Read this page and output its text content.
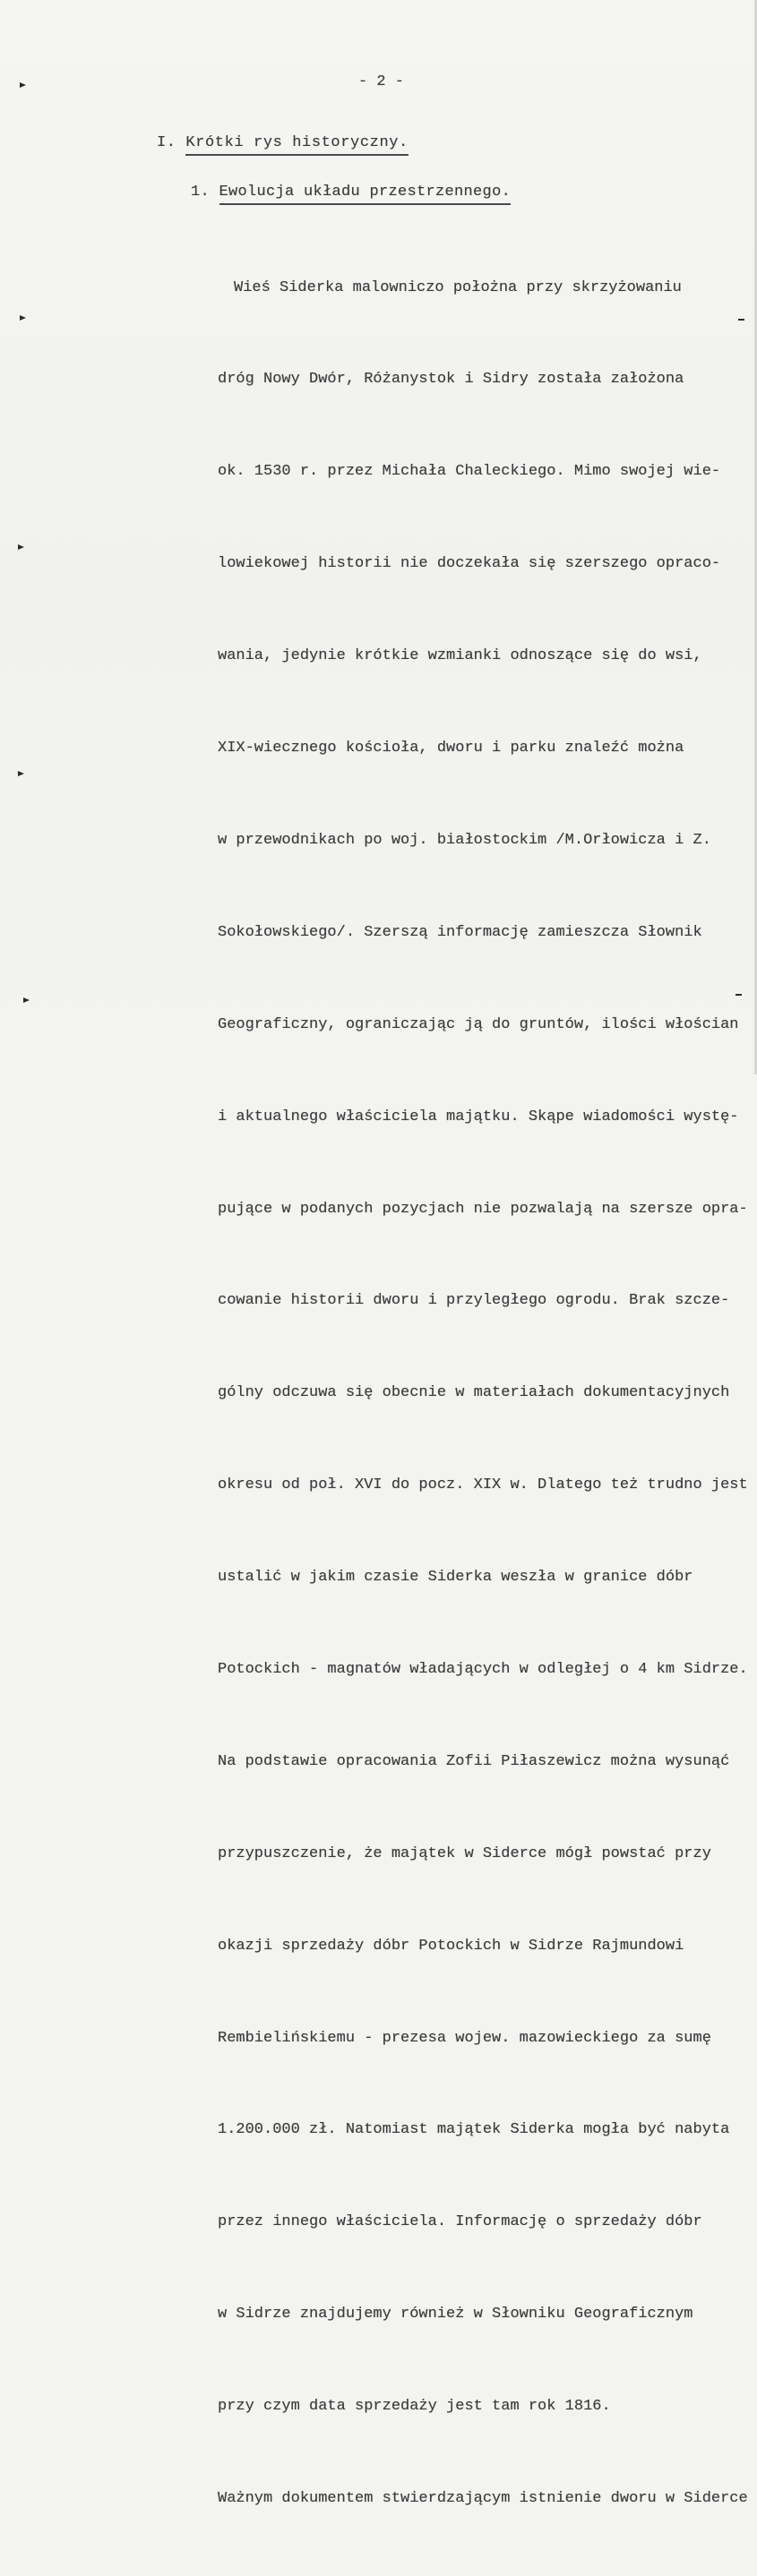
- 2 -
I. Krótki rys historyczny.
1. Ewolucja układu przestrzennego.

Wieś Siderka malowniczo położna przy skrzyżowaniu

dróg Nowy Dwór, Różanystok i Sidry została założona

ok. 1530 r. przez Michała Chaleckiego. Mimo swojej wie-

lowiekowej historii nie doczekała się szerszego opraco-

wania, jedynie krótkie wzmianki odnoszące się do wsi,

XIX-wiecznego kościoła, dworu i parku znaleźć można

w przewodnikach po woj. białostockim /M.Orłowicza i Z.

Sokołowskiego/. Szerszą informację zamieszcza Słownik

Geograficzny, ograniczając ją do gruntów, ilości włościan

i aktualnego właściciela majątku. Skąpe wiadomości wystę-

pujące w podanych pozycjach nie pozwalają na szersze opra-

cowanie historii dworu i przyległego ogrodu. Brak szcze-

gólny odczuwa się obecnie w materiałach dokumentacyjnych

okresu od poł. XVI do pocz. XIX w. Dlatego też trudno jest

ustalić w jakim czasie Siderka weszła w granice dóbr

Potockich - magnatów władających w odległej o 4 km Sidrze.

Na podstawie opracowania Zofii Piłaszewicz można wysunąć

przypuszczenie, że majątek w Siderce mógł powstać przy

okazji sprzedaży dóbr Potockich w Sidrze Rajmundowi

Rembielińskiemu - prezesa wojew. mazowieckiego za sumę

1.200.000 zł. Natomiast majątek Siderka mogła być nabyta

przez innego właściciela. Informację o sprzedaży dóbr

w Sidrze znajdujemy również w Słowniku Geograficznym

przy czym data sprzedaży jest tam rok 1816.

Ważnym dokumentem stwierdzającym istnienie dworu w Siderce
